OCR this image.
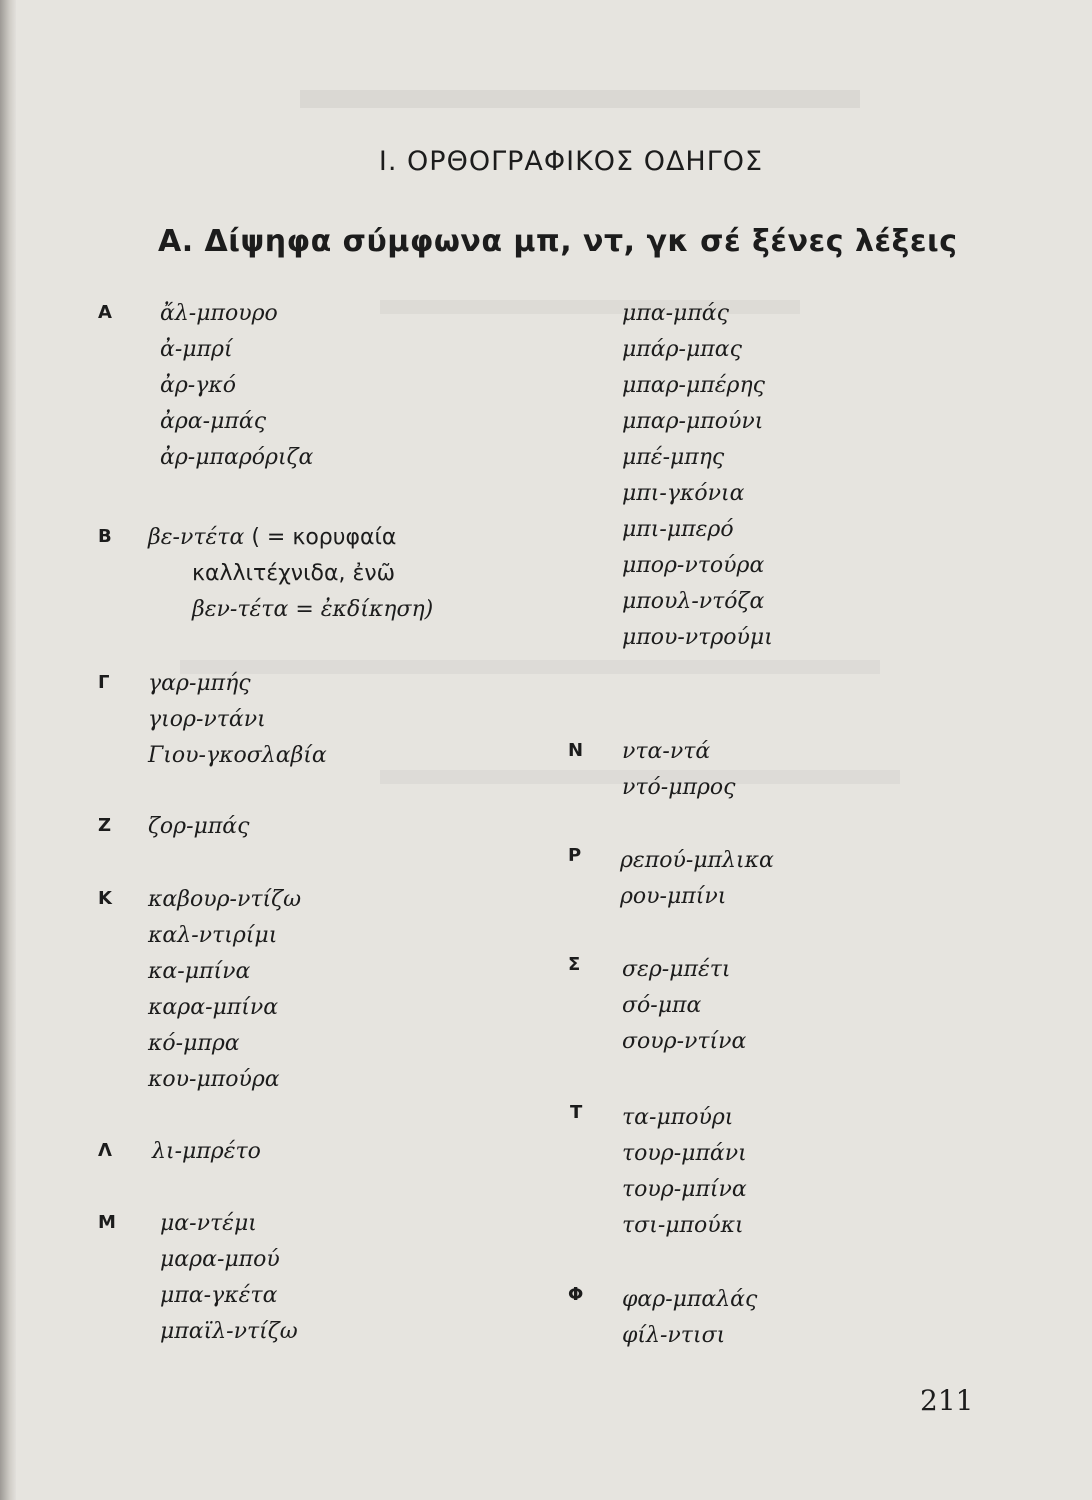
I. ΟΡΘΟΓΡΑΦΙΚΟΣ ΟΔΗΓΟΣ
Α. Δίψηφα σύμφωνα μπ, ντ, γκ σέ ξένες λέξεις
Α ἄλ-μπουρο
ἀ-μπρί
ἀρ-γκό
ἀρα-μπάς
ἀρ-μπαρόριζα
Β βε-ντέτα ( = κορυφαία
καλλιτέχνιδα, ἐνῶ
βεν-τέτα = ἐκδίκηση)
Γ γαρ-μπής
γιορ-ντάνι
Γιου-γκοσλαβία
Ζ ζορ-μπάς
Κ καβουρ-ντίζω
καλ-ντιρίμι
κα-μπίνα
καρα-μπίνα
κό-μπρα
κου-μπούρα
Λ λι-μπρέτο
Μ μα-ντέμι
μαρα-μπού
μπα-γκέτα
μπαϊλ-ντίζω
μπα-μπάς
μπάρ-μπας
μπαρ-μπέρης
μπαρ-μπούνι
μπέ-μπης
μπι-γκόνια
μπι-μπερό
μπορ-ντούρα
μπουλ-ντόζα
μπου-ντρούμι
Ν ντα-ντά
ντό-μπρος
Ρ ρεπού-μπλικα
ρου-μπίνι
Σ σερ-μπέτι
σό-μπα
σουρ-ντίνα
Τ τα-μπούρι
τουρ-μπάνι
τουρ-μπίνα
τσι-μπούκι
Φ φαρ-μπαλάς
φίλ-ντισι
211
